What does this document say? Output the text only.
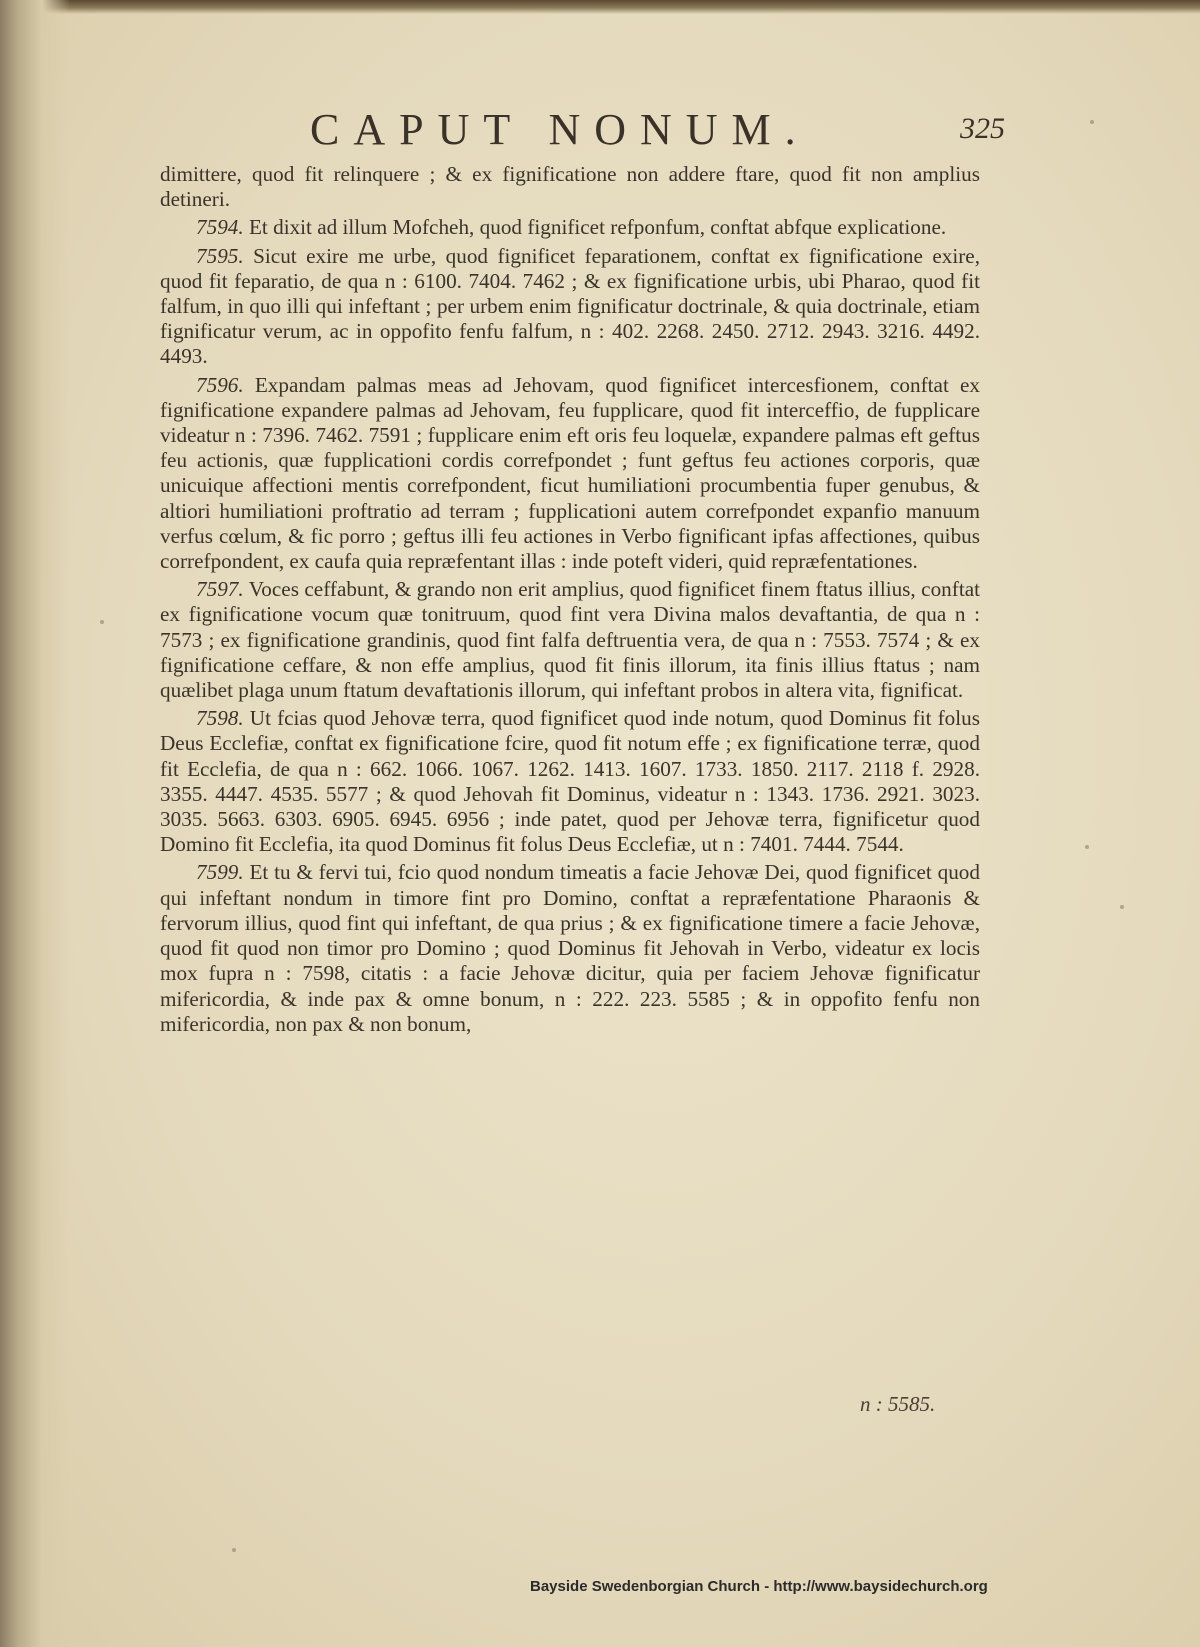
CAPUT NONUM.	325

dimittere, quod fit relinquere ; & ex fignificatione non addere ftare, quod fit non amplius detineri.

7594. Et dixit ad illum Mofcheh, quod fignificet refponfum, conftat abfque explicatione.

7595. Sicut exire me urbe, quod fignificet feparationem, conftat ex fignificatione exire, quod fit feparatio, de qua n : 6100. 7404. 7462 ; & ex fignificatione urbis, ubi Pharao, quod fit falfum, in quo illi qui infeftant ; per urbem enim fignificatur doctrinale, & quia doctrinale, etiam fignificatur verum, ac in oppofito fenfu falfum, n : 402. 2268. 2450. 2712. 2943. 3216. 4492. 4493.

7596. Expandam palmas meas ad Jehovam, quod fignificet intercesfionem, conftat ex fignificatione expandere palmas ad Jehovam, feu fupplicare, quod fit interceffio, de fupplicare videatur n : 7396. 7462. 7591 ; fupplicare enim eft oris feu loquelæ, expandere palmas eft geftus feu actionis, quæ fupplicationi cordis correfpondet ; funt geftus feu actiones corporis, quæ unicuique affectioni mentis correfpondent, ficut humiliationi procumbentia fuper genubus, & altiori humiliationi proftratio ad terram ; fupplicationi autem correfpondet expanfio manuum verfus cœlum, & fic porro ; geftus illi feu actiones in Verbo fignificant ipfas affectiones, quibus correfpondent, ex caufa quia repræfentant illas : inde poteft videri, quid repræfentationes.

7597. Voces ceffabunt, & grando non erit amplius, quod fignificet finem ftatus illius, conftat ex fignificatione vocum quæ tonitruum, quod fint vera Divina malos devaftantia, de qua n : 7573 ; ex fignificatione grandinis, quod fint falfa deftruentia vera, de qua n : 7553. 7574 ; & ex fignificatione ceffare, & non effe amplius, quod fit finis illorum, ita finis illius ftatus ; nam quælibet plaga unum ftatum devaftationis illorum, qui infeftant probos in altera vita, fignificat.

7598. Ut fcias quod Jehovæ terra, quod fignificet quod inde notum, quod Dominus fit folus Deus Ecclefiæ, conftat ex fignificatione fcire, quod fit notum effe ; ex fignificatione terræ, quod fit Ecclefia, de qua n : 662. 1066. 1067. 1262. 1413. 1607. 1733. 1850. 2117. 2118 f. 2928. 3355. 4447. 4535. 5577 ; & quod Jehovah fit Dominus, videatur n : 1343. 1736. 2921. 3023. 3035. 5663. 6303. 6905. 6945. 6956 ; inde patet, quod per Jehovæ terra, fignificetur quod Domino fit Ecclefia, ita quod Dominus fit folus Deus Ecclefiæ, ut n : 7401. 7444. 7544.

7599. Et tu & fervi tui, fcio quod nondum timeatis a facie Jehovæ Dei, quod fignificet quod qui infeftant nondum in timore fint pro Domino, conftat a repræfentatione Pharaonis & fervorum illius, quod fint qui infeftant, de qua prius ; & ex fignificatione timere a facie Jehovæ, quod fit quod non timor pro Domino ; quod Dominus fit Jehovah in Verbo, videatur ex locis mox fupra n : 7598, citatis : a facie Jehovæ dicitur, quia per faciem Jehovæ fignificatur mifericordia, & inde pax & omne bonum, n : 222. 223. 5585 ; & in oppofito fenfu non mifericordia, non pax & non bonum,

n : 5585.
Bayside Swedenborgian Church - http://www.baysidechurch.org
